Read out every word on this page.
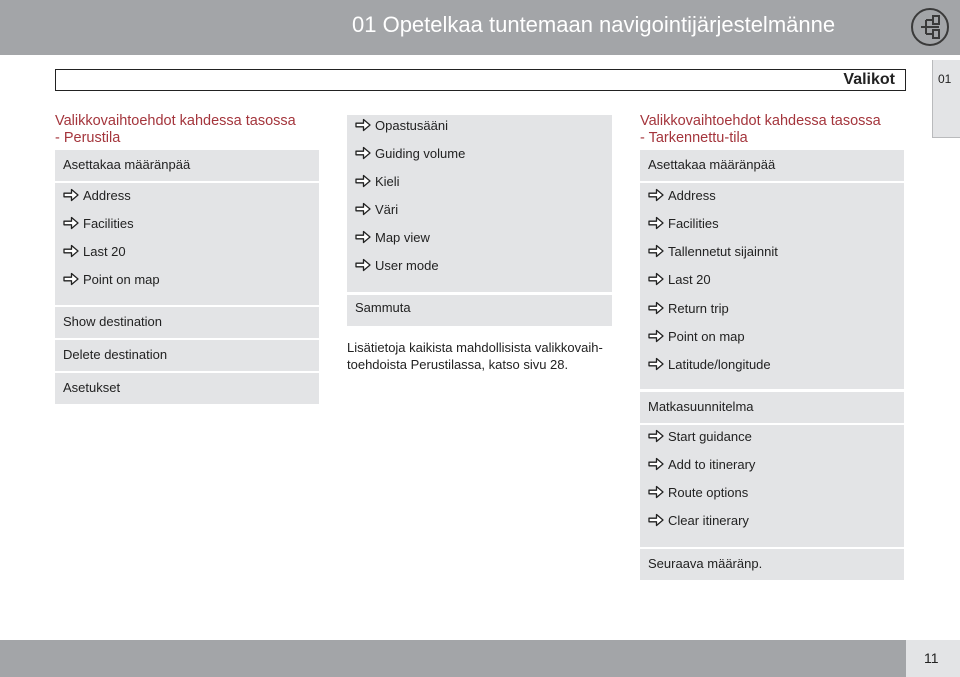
01 Opetelkaa tuntemaan navigointijärjestelmänne
Valikot	01
Valikkovaihtoehdot kahdessa tasossa
- Perustila
Asettakaa määränpää
Address
Facilities
Last 20
Point on map
Show destination
Delete destination
Asetukset
Opastusääni
Guiding volume
Kieli
Väri
Map view
User mode
Sammuta
Lisätietoja kaikista mahdollisista valikkovaih-
toehdoista Perustilassa, katso sivu 28.
Valikkovaihtoehdot kahdessa tasossa
- Tarkennettu-tila
Asettakaa määränpää
Address
Facilities
Tallennetut sijainnit
Last 20
Return trip
Point on map
Latitude/longitude
Matkasuunnitelma
Start guidance
Add to itinerary
Route options
Clear itinerary
Seuraava määränp.
11
